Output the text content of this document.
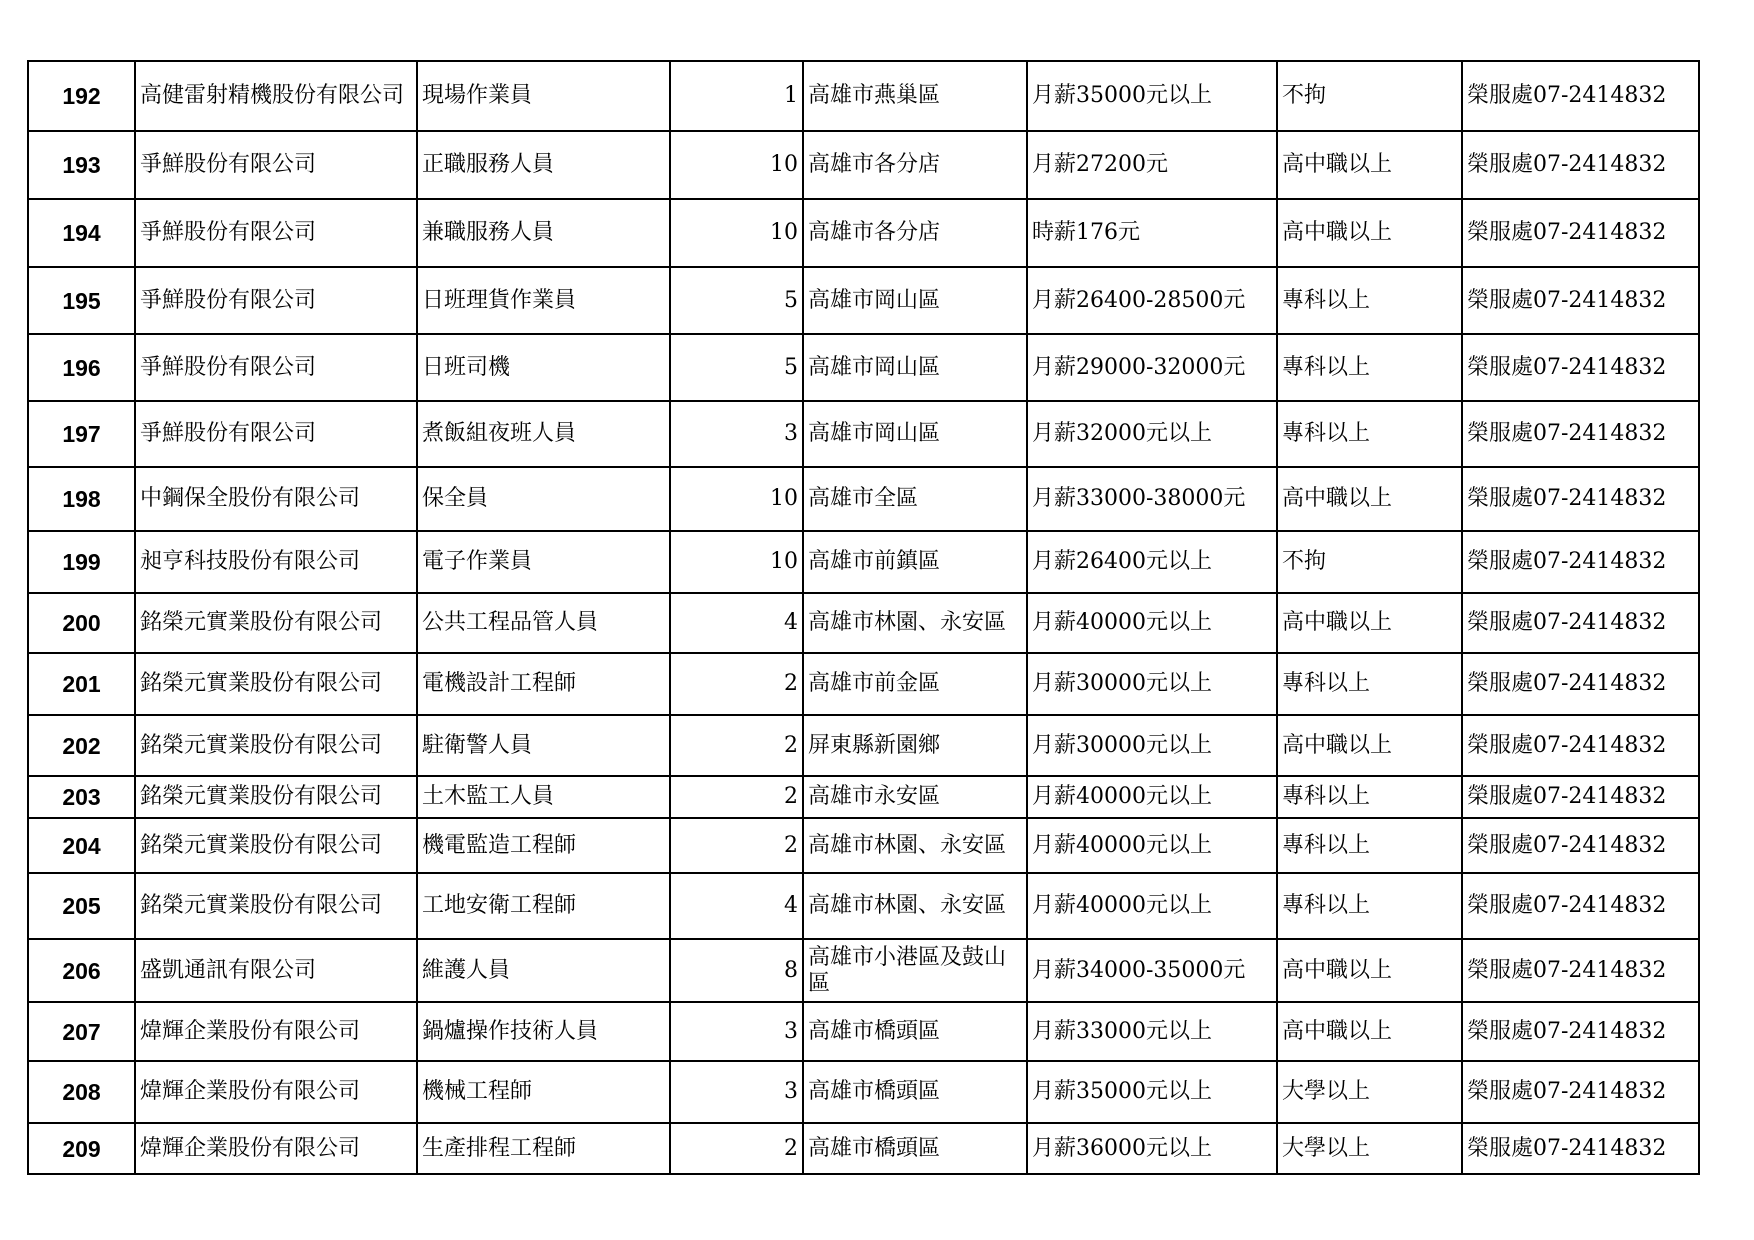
192	高健雷射精機股份有限公司	現場作業員	1	高雄市燕巢區	月薪35000元以上	不拘	榮服處07-2414832
193	爭鮮股份有限公司	正職服務人員	10	高雄市各分店	月薪27200元	高中職以上	榮服處07-2414832
194	爭鮮股份有限公司	兼職服務人員	10	高雄市各分店	時薪176元	高中職以上	榮服處07-2414832
195	爭鮮股份有限公司	日班理貨作業員	5	高雄市岡山區	月薪26400-28500元	專科以上	榮服處07-2414832
196	爭鮮股份有限公司	日班司機	5	高雄市岡山區	月薪29000-32000元	專科以上	榮服處07-2414832
197	爭鮮股份有限公司	煮飯組夜班人員	3	高雄市岡山區	月薪32000元以上	專科以上	榮服處07-2414832
198	中鋼保全股份有限公司	保全員	10	高雄市全區	月薪33000-38000元	高中職以上	榮服處07-2414832
199	昶亨科技股份有限公司	電子作業員	10	高雄市前鎮區	月薪26400元以上	不拘	榮服處07-2414832
200	銘榮元實業股份有限公司	公共工程品管人員	4	高雄市林園、永安區	月薪40000元以上	高中職以上	榮服處07-2414832
201	銘榮元實業股份有限公司	電機設計工程師	2	高雄市前金區	月薪30000元以上	專科以上	榮服處07-2414832
202	銘榮元實業股份有限公司	駐衛警人員	2	屏東縣新園鄉	月薪30000元以上	高中職以上	榮服處07-2414832
203	銘榮元實業股份有限公司	土木監工人員	2	高雄市永安區	月薪40000元以上	專科以上	榮服處07-2414832
204	銘榮元實業股份有限公司	機電監造工程師	2	高雄市林園、永安區	月薪40000元以上	專科以上	榮服處07-2414832
205	銘榮元實業股份有限公司	工地安衛工程師	4	高雄市林園、永安區	月薪40000元以上	專科以上	榮服處07-2414832
206	盛凱通訊有限公司	維護人員	8	高雄市小港區及鼓山區	月薪34000-35000元	高中職以上	榮服處07-2414832
207	煒輝企業股份有限公司	鍋爐操作技術人員	3	高雄市橋頭區	月薪33000元以上	高中職以上	榮服處07-2414832
208	煒輝企業股份有限公司	機械工程師	3	高雄市橋頭區	月薪35000元以上	大學以上	榮服處07-2414832
209	煒輝企業股份有限公司	生產排程工程師	2	高雄市橋頭區	月薪36000元以上	大學以上	榮服處07-2414832
